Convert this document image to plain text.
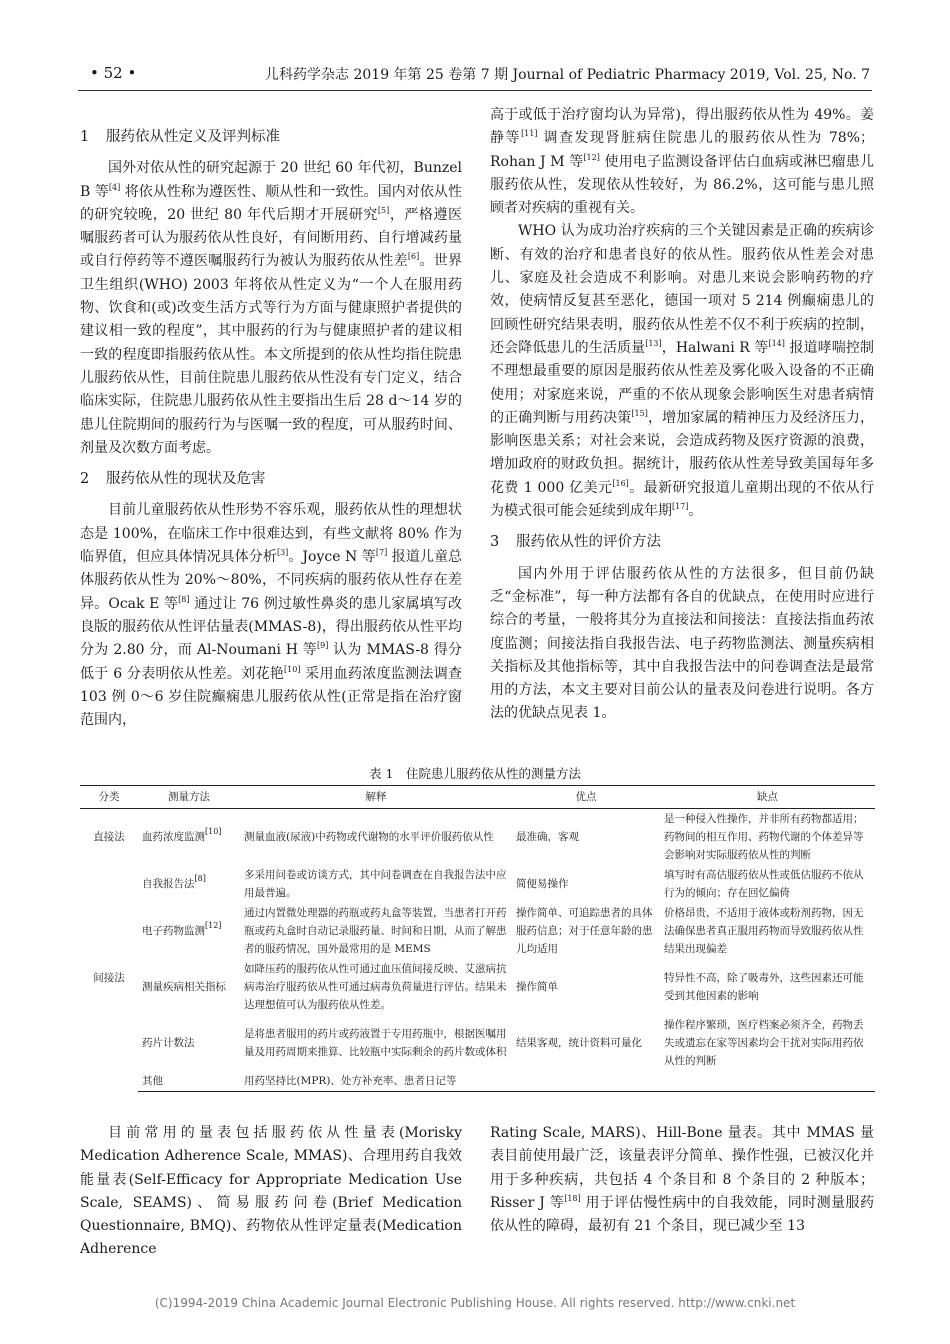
• 52 •	儿科药学杂志 2019 年第 25 卷第 7 期 Journal of Pediatric Pharmacy 2019, Vol. 25, No. 7
1 服药依从性定义及评判标准

国外对依从性的研究起源于 20 世纪 60 年代初，Bunzel B 等[4] 将依从性称为遵医性、顺从性和一致性。国内对依从性的研究较晚，20 世纪 80 年代后期才开展研究[5]，严格遵医嘱服药者可认为服药依从性良好，有间断用药、自行增减药量或自行停药等不遵医嘱服药行为被认为服药依从性差[6]。世界卫生组织(WHO) 2003 年将依从性定义为“一个人在服用药物、饮食和(或)改变生活方式等行为方面与健康照护者提供的建议相一致的程度”，其中服药的行为与健康照护者的建议相一致的程度即指服药依从性。本文所提到的依从性均指住院患儿服药依从性，目前住院患儿服药依从性没有专门定义，结合临床实际，住院患儿服药依从性主要指出生后 28 d～14 岁的患儿住院期间的服药行为与医嘱一致的程度，可从服药时间、剂量及次数方面考虑。

2 服药依从性的现状及危害

目前儿童服药依从性形势不容乐观，服药依从性的理想状态是 100%，在临床工作中很难达到，有些文献将 80% 作为临界值，但应具体情况具体分析[3]。Joyce N 等[7] 报道儿童总体服药依从性为 20%～80%，不同疾病的服药依从性存在差异。Ocak E 等[8] 通过让 76 例过敏性鼻炎的患儿家属填写改良版的服药依从性评估量表(MMAS-8)，得出服药依从性平均分为 2.80 分，而 Al-Noumani H 等[9] 认为 MMAS-8 得分低于 6 分表明依从性差。刘花艳[10] 采用血药浓度监测法调查 103 例 0～6 岁住院癫痫患儿服药依从性(正常是指在治疗窗范围内，

高于或低于治疗窗均认为异常)，得出服药依从性为 49%。姜静等[11] 调查发现肾脏病住院患儿的服药依从性为 78%；Rohan J M 等[12] 使用电子监测设备评估白血病或淋巴瘤患儿服药依从性，发现依从性较好，为 86.2%，这可能与患儿照顾者对疾病的重视有关。

WHO 认为成功治疗疾病的三个关键因素是正确的疾病诊断、有效的治疗和患者良好的依从性。服药依从性差会对患儿、家庭及社会造成不利影响。对患儿来说会影响药物的疗效，使病情反复甚至恶化，德国一项对 5 214 例癫痫患儿的回顾性研究结果表明，服药依从性差不仅不利于疾病的控制，还会降低患儿的生活质量[13]，Halwani R 等[14] 报道哮喘控制不理想最重要的原因是服药依从性差及雾化吸入设备的不正确使用；对家庭来说，严重的不依从现象会影响医生对患者病情的正确判断与用药决策[15]，增加家属的精神压力及经济压力，影响医患关系；对社会来说，会造成药物及医疗资源的浪费，增加政府的财政负担。据统计，服药依从性差导致美国每年多花费 1 000 亿美元[16]。最新研究报道儿童期出现的不依从行为模式很可能会延续到成年期[17]。

3 服药依从性的评价方法

国内外用于评估服药依从性的方法很多，但目前仍缺乏“金标准”，每一种方法都有各自的优缺点，在使用时应进行综合的考量，一般将其分为直接法和间接法：直接法指血药浓度监测；间接法指自我报告法、电子药物监测法、测量疾病相关指标及其他指标等，其中自我报告法中的问卷调查法是最常用的方法，本文主要对目前公认的量表及问卷进行说明。各方法的优缺点见表 1。

表 1　住院患儿服药依从性的测量方法
分类	测量方法	解释	优点	缺点
直接法	血药浓度监测[10]	测量血液(尿液)中药物或代谢物的水平评价服药依从性	最准确，客观	是一种侵入性操作，并非所有药物都适用；药物间的相互作用、药物代谢的个体差异等会影响对实际服药依从性的判断
间接法	自我报告法[8]	多采用问卷或访谈方式，其中问卷调查在自我报告法中应用最普遍。	简便易操作	填写时有高估服药依从性或低估服药不依从行为的倾向；存在回忆偏倚
	电子药物监测[12]	通过内置微处理器的药瓶或药丸盒等装置，当患者打开药瓶或药丸盒时自动记录服药量、时间和日期，从而了解患者的服药情况，国外最常用的是 MEMS	操作简单、可追踪患者的具体服药信息；对于任意年龄的患儿均适用	价格昂贵，不适用于液体或粉剂药物，因无法确保患者真正服用药物而导致服药依从性结果出现偏差
	测量疾病相关指标	如降压药的服药依从性可通过血压值间接反映、艾滋病抗病毒治疗服药依从性可通过病毒负荷量进行评估。结果未达理想值可认为服药依从性差。	操作简单	特异性不高，除了吸毒外，这些因素还可能受到其他因素的影响
	药片计数法	是将患者服用的药片或药液置于专用药瓶中，根据医嘱用量及用药周期来推算、比较瓶中实际剩余的药片数或体积	结果客观，统计资料可量化	操作程序繁琐，医疗档案必须齐全，药物丢失或遗忘在家等因素均会干扰对实际用药依从性的判断
	其他	用药坚持比(MPR)、处方补充率、患者日记等		

目前常用的量表包括服药依从性量表(Morisky Medication Adherence Scale, MMAS)、合理用药自我效能量表(Self-Efficacy for Appropriate Medication Use Scale, SEAMS)、简易服药问卷(Brief Medication Questionnaire, BMQ)、药物依从性评定量表(Medication Adherence

Rating Scale, MARS)、Hill-Bone 量表。其中 MMAS 量表目前使用最广泛，该量表评分简单、操作性强，已被汉化并用于多种疾病，共包括 4 个条目和 8 个条目的 2 种版本；Risser J 等[18] 用于评估慢性病中的自我效能，同时测量服药依从性的障碍，最初有 21 个条目，现已减少至 13

(C)1994-2019 China Academic Journal Electronic Publishing House. All rights reserved. http://www.cnki.net
